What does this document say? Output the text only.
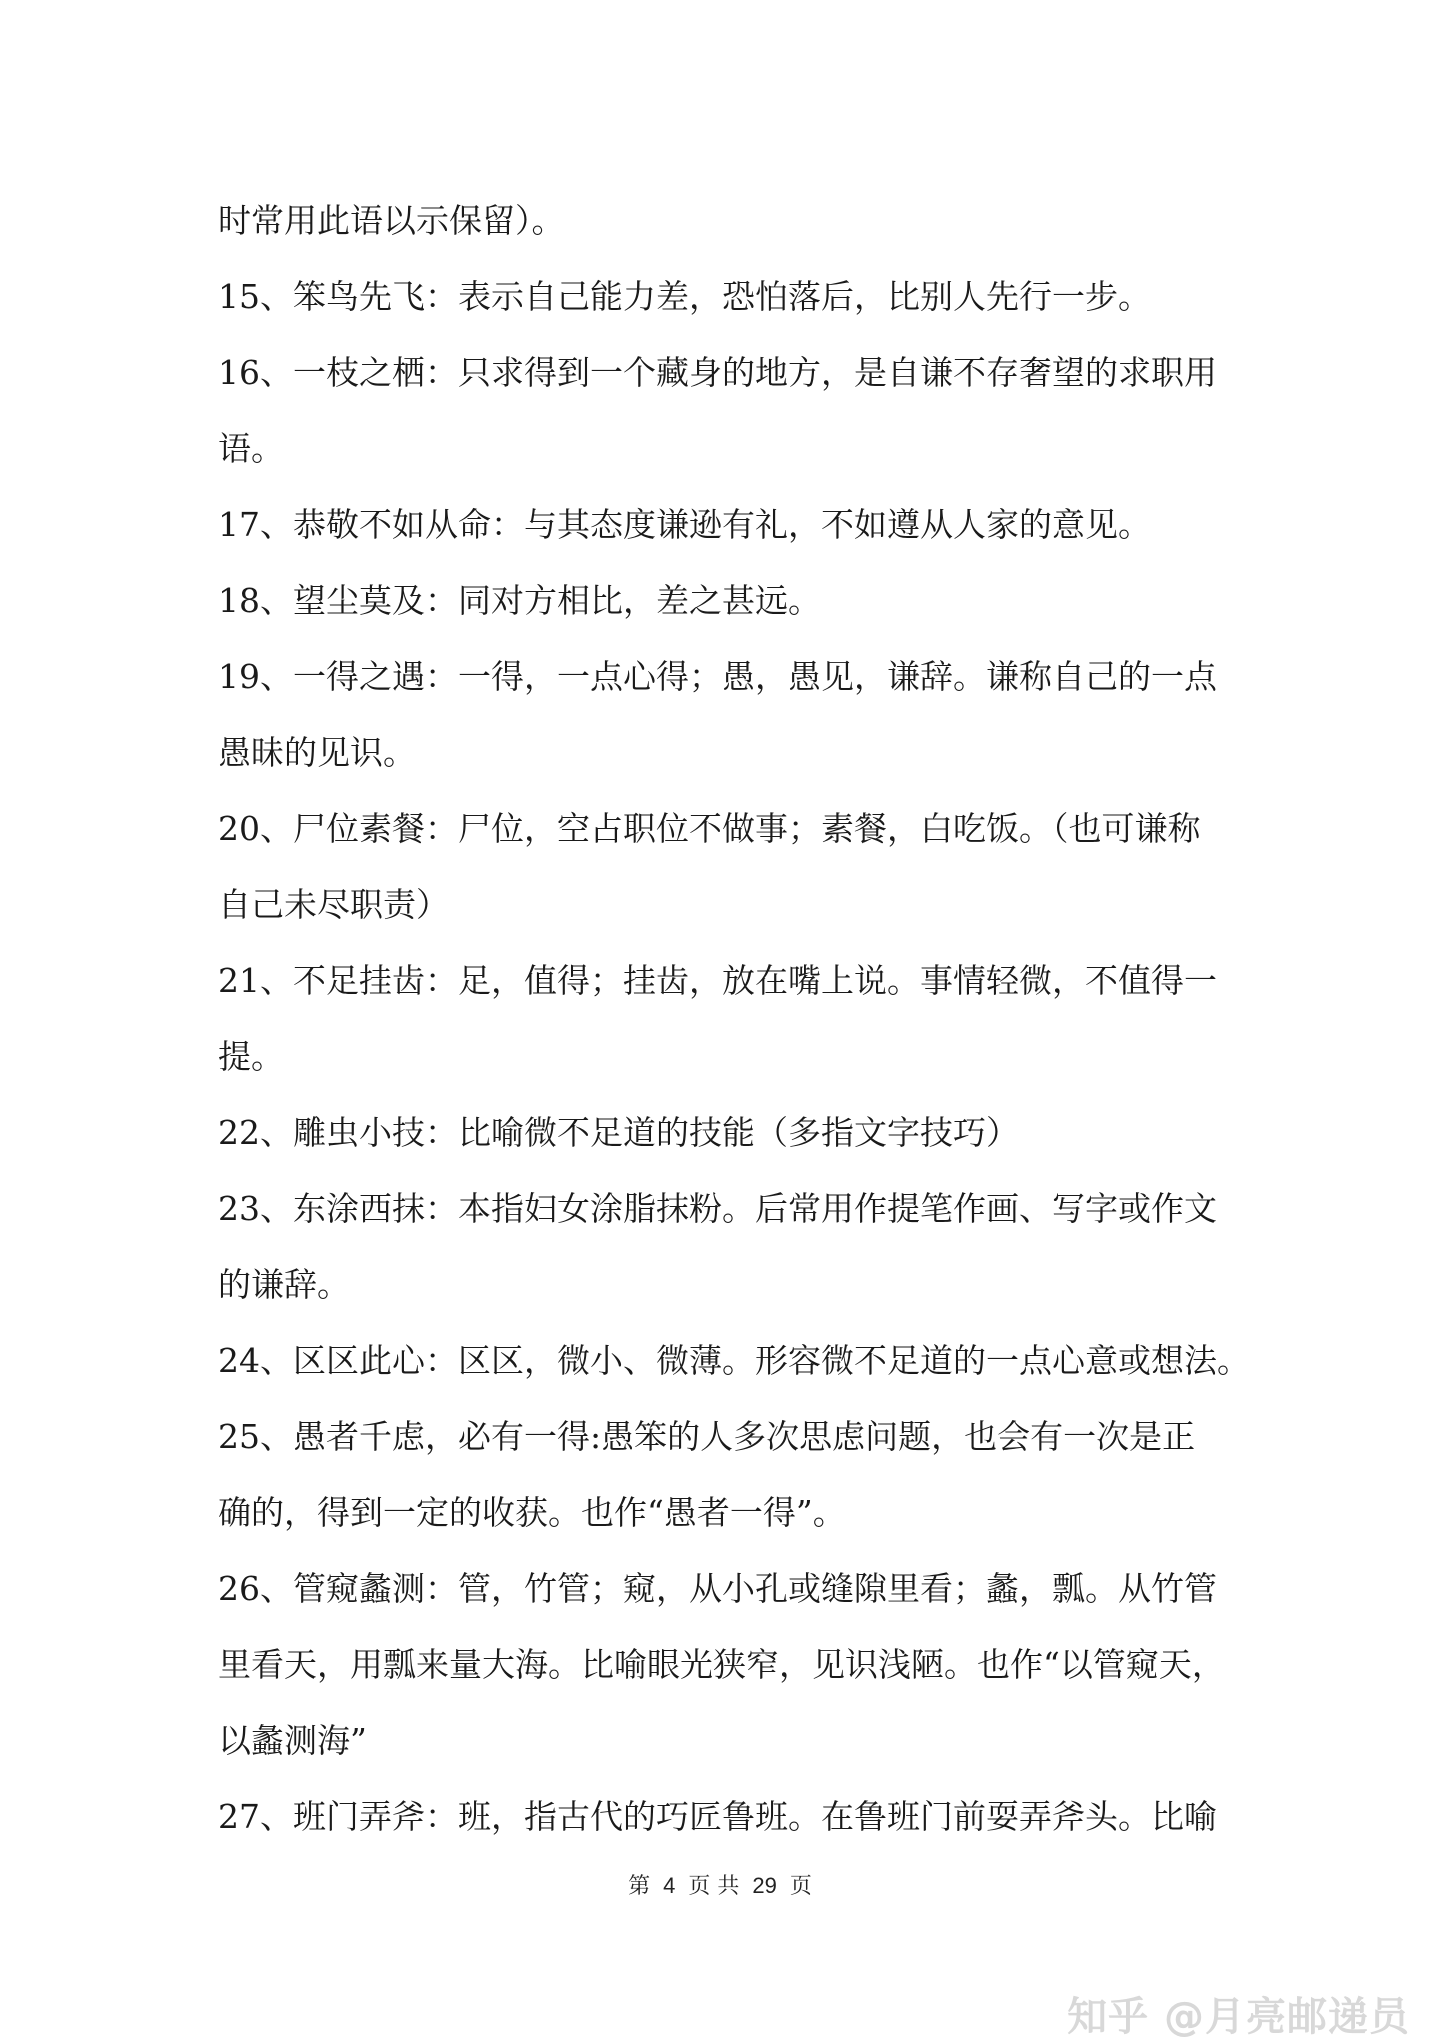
时常用此语以示保留）。

15、笨鸟先飞：表示自己能力差，恐怕落后，比别人先行一步。

16、一枝之栖：只求得到一个藏身的地方，是自谦不存奢望的求职用

语。

17、恭敬不如从命：与其态度谦逊有礼，不如遵从人家的意见。

18、望尘莫及：同对方相比，差之甚远。

19、一得之遇：一得，一点心得；愚，愚见，谦辞。谦称自己的一点

愚昧的见识。

20、尸位素餐：尸位，空占职位不做事；素餐，白吃饭。（也可谦称

自己未尽职责）

21、不足挂齿：足，值得；挂齿，放在嘴上说。事情轻微，不值得一

提。

22、雕虫小技：比喻微不足道的技能（多指文字技巧）

23、东涂西抹：本指妇女涂脂抹粉。后常用作提笔作画、写字或作文

的谦辞。

24、区区此心：区区，微小、微薄。形容微不足道的一点心意或想法。

25、愚者千虑，必有一得:愚笨的人多次思虑问题，也会有一次是正

确的，得到一定的收获。也作“愚者一得”。

26、管窥蠡测：管，竹管；窥，从小孔或缝隙里看；蠡，瓢。从竹管

里看天，用瓢来量大海。比喻眼光狭窄，见识浅陋。也作“以管窥天，

以蠡测海”

27、班门弄斧：班，指古代的巧匠鲁班。在鲁班门前耍弄斧头。比喻

第 4 页 共 29 页
知乎 @月亮邮递员
